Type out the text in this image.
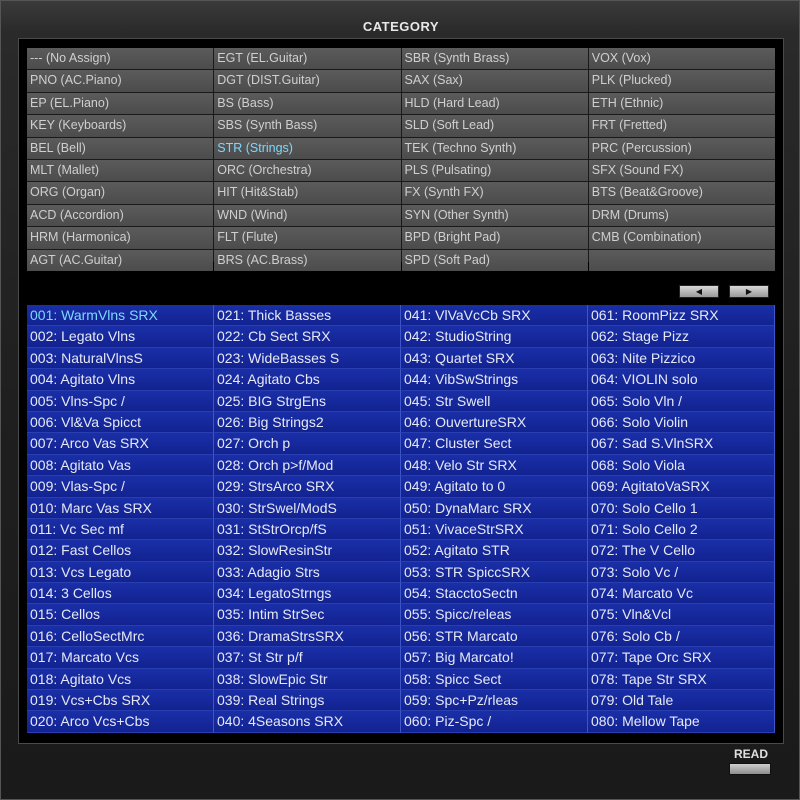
CATEGORY
--- (No Assign)	EGT (EL.Guitar)	SBR (Synth Brass)	VOX (Vox)
PNO (AC.Piano)	DGT (DIST.Guitar)	SAX (Sax)	PLK (Plucked)
EP (EL.Piano)	BS (Bass)	HLD (Hard Lead)	ETH (Ethnic)
KEY (Keyboards)	SBS (Synth Bass)	SLD (Soft Lead)	FRT (Fretted)
BEL (Bell)	STR (Strings)	TEK (Techno Synth)	PRC (Percussion)
MLT (Mallet)	ORC (Orchestra)	PLS (Pulsating)	SFX (Sound FX)
ORG (Organ)	HIT (Hit&Stab)	FX (Synth FX)	BTS (Beat&Groove)
ACD (Accordion)	WND (Wind)	SYN (Other Synth)	DRM (Drums)
HRM (Harmonica)	FLT (Flute)	BPD (Bright Pad)	CMB (Combination)
AGT (AC.Guitar)	BRS (AC.Brass)	SPD (Soft Pad)
◀	▶
001: WarmVlns SRX	021: Thick Basses	041: VlVaVcCb SRX	061: RoomPizz SRX
002: Legato Vlns	022: Cb Sect SRX	042: StudioString	062: Stage Pizz
003: NaturalVlnsS	023: WideBasses S	043: Quartet SRX	063: Nite Pizzico
004: Agitato Vlns	024: Agitato Cbs	044: VibSwStrings	064: VIOLIN solo
005: Vlns-Spc /	025: BIG StrgEns	045: Str Swell	065: Solo Vln /
006: Vl&Va Spicct	026: Big Strings2	046: OuvertureSRX	066: Solo Violin
007: Arco Vas SRX	027: Orch p	047: Cluster Sect	067: Sad S.VlnSRX
008: Agitato Vas	028: Orch p>f/Mod	048: Velo Str SRX	068: Solo Viola
009: Vlas-Spc /	029: StrsArco SRX	049: Agitato to 0	069: AgitatoVaSRX
010: Marc Vas SRX	030: StrSwel/ModS	050: DynaMarc SRX	070: Solo Cello 1
011: Vc Sec mf	031: StStrOrcp/fS	051: VivaceStrSRX	071: Solo Cello 2
012: Fast Cellos	032: SlowResinStr	052: Agitato STR	072: The V Cello
013: Vcs Legato	033: Adagio Strs	053: STR SpiccSRX	073: Solo Vc /
014: 3 Cellos	034: LegatoStrngs	054: StacctoSectn	074: Marcato Vc
015: Cellos	035: Intim StrSec	055: Spicc/releas	075: Vln&Vcl
016: CelloSectMrc	036: DramaStrsSRX	056: STR Marcato	076: Solo Cb /
017: Marcato Vcs	037: St Str p/f	057: Big Marcato!	077: Tape Orc SRX
018: Agitato Vcs	038: SlowEpic Str	058: Spicc Sect	078: Tape Str SRX
019: Vcs+Cbs SRX	039: Real Strings	059: Spc+Pz/rleas	079: Old Tale
020: Arco Vcs+Cbs	040: 4Seasons SRX	060: Piz-Spc /	080: Mellow Tape
READ
